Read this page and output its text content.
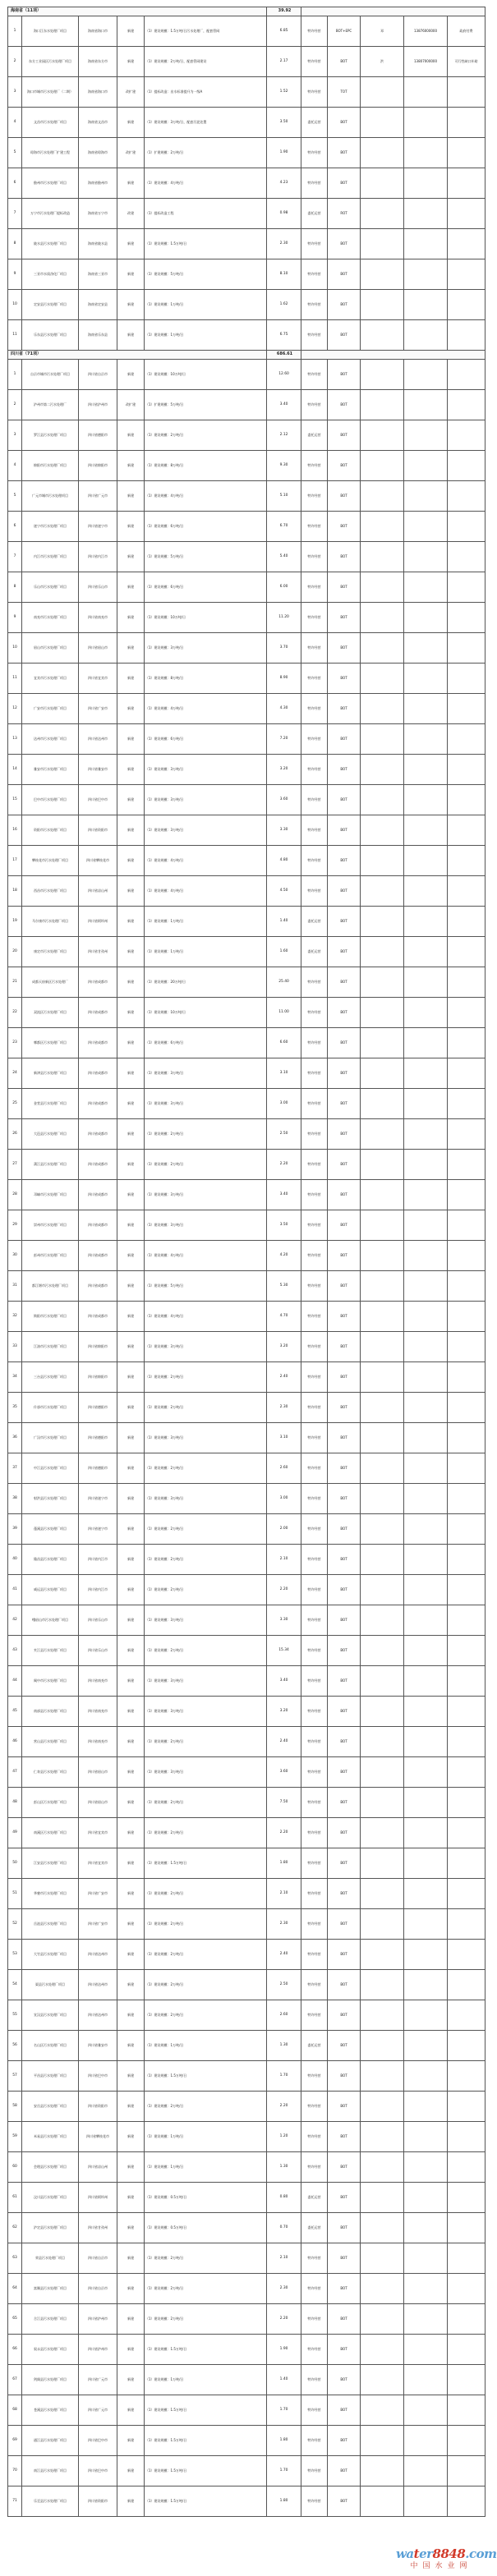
海南省（11项）					39.92					
1	海口江东水处理厂项目	海南省海口市	新建	（1）建设规模：1.5万吨/日污水处理厂，配套管网	6.85	特许经营	BOT+EPC	邓	13876000000	政府付费
2	东方工业园区污水处理厂项目	海南省东方市	新建	（1）建设规模：2万吨/日，配套管网建设	2.17	特许经营	BOT	洪	13807000000	可行性缺口补助
3	海口市城市污水处理厂（二期）	海南省海口市	改扩建	（1）提标改造：出水标准提升为一级A	1.52	特许经营	TOT			
4	文昌市污水处理厂项目	海南省文昌市	新建	（1）建设规模：3万吨/日，配套污泥处置	3.50	委托运营	BOT			
5	琼海市污水处理厂扩建工程	海南省琼海市	改扩建	（1）扩建规模：2万吨/日	1.90	特许经营	BOT			
6	儋州市污水处理厂项目	海南省儋州市	新建	（1）建设规模：4万吨/日	4.23	特许经营	BOT			
7	万宁市污水处理厂提标改造	海南省万宁市	改建	（1）提标改造工程	0.98	委托运营	ROT			
8	陵水县污水处理厂项目	海南省陵水县	新建	（1）建设规模：1.5万吨/日	2.30	特许经营	BOT			
9	三亚市水质净化厂项目	海南省三亚市	新建	（1）建设规模：5万吨/日	8.10	特许经营	BOT			
10	定安县污水处理厂项目	海南省定安县	新建	（1）建设规模：1万吨/日	1.62	特许经营	BOT			
11	乐东县污水处理厂项目	海南省乐东县	新建	（1）建设规模：1万吨/日	6.75	特许经营	BOT			
四川省（71项）					686.61					
1	自贡市城市污水处理厂项目	四川省自贡市	新建	（1）建设规模：10万吨/日	12.60	特许经营	BOT			
2	泸州市第二污水处理厂	四川省泸州市	改扩建	（1）扩建规模：5万吨/日	3.40	特许经营	BOT			
3	罗江县污水处理厂项目	四川省德阳市	新建	（1）建设规模：2万吨/日	2.12	委托运营	BOT			
4	绵阳市污水处理厂项目	四川省绵阳市	新建	（1）建设规模：8万吨/日	9.30	特许经营	BOT			
5	广元市城市污水处理项目	四川省广元市	新建	（1）建设规模：4万吨/日	5.10	特许经营	BOT			
6	遂宁市污水处理厂项目	四川省遂宁市	新建	（1）建设规模：6万吨/日	6.70	特许经营	BOT			
7	内江市污水处理厂项目	四川省内江市	新建	（1）建设规模：5万吨/日	5.40	特许经营	BOT			
8	乐山市污水处理厂项目	四川省乐山市	新建	（1）建设规模：6万吨/日	6.00	特许经营	BOT			
9	南充市污水处理厂项目	四川省南充市	新建	（1）建设规模：10万吨/日	11.20	特许经营	BOT			
10	眉山市污水处理厂项目	四川省眉山市	新建	（1）建设规模：3万吨/日	3.70	特许经营	BOT			
11	宜宾市污水处理厂项目	四川省宜宾市	新建	（1）建设规模：8万吨/日	8.90	特许经营	BOT			
12	广安市污水处理厂项目	四川省广安市	新建	（1）建设规模：4万吨/日	4.30	特许经营	BOT			
13	达州市污水处理厂项目	四川省达州市	新建	（1）建设规模：6万吨/日	7.20	特许经营	BOT			
14	雅安市污水处理厂项目	四川省雅安市	新建	（1）建设规模：3万吨/日	3.20	特许经营	BOT			
15	巴中市污水处理厂项目	四川省巴中市	新建	（1）建设规模：3万吨/日	3.60	特许经营	BOT			
16	资阳市污水处理厂项目	四川省资阳市	新建	（1）建设规模：3万吨/日	3.30	特许经营	BOT			
17	攀枝花市污水处理厂项目	四川省攀枝花市	新建	（1）建设规模：4万吨/日	4.80	特许经营	BOT			
18	西昌市污水处理厂项目	四川省凉山州	新建	（1）建设规模：4万吨/日	4.50	特许经营	BOT			
19	马尔康市污水处理厂项目	四川省阿坝州	新建	（1）建设规模：1万吨/日	1.40	委托运营	BOT			
20	康定市污水处理厂项目	四川省甘孜州	新建	（1）建设规模：1万吨/日	1.60	委托运营	BOT			
21	成都天府新区污水处理厂	四川省成都市	新建	（1）建设规模：20万吨/日	25.40	特许经营	BOT			
22	双流区污水处理厂项目	四川省成都市	新建	（1）建设规模：10万吨/日	11.00	特许经营	BOT			
23	郫都区污水处理厂项目	四川省成都市	新建	（1）建设规模：6万吨/日	6.60	特许经营	BOT			
24	新津县污水处理厂项目	四川省成都市	新建	（1）建设规模：3万吨/日	3.10	特许经营	BOT			
25	金堂县污水处理厂项目	四川省成都市	新建	（1）建设规模：3万吨/日	3.00	特许经营	BOT			
26	大邑县污水处理厂项目	四川省成都市	新建	（1）建设规模：2万吨/日	2.50	特许经营	BOT			
27	蒲江县污水处理厂项目	四川省成都市	新建	（1）建设规模：2万吨/日	2.20	特许经营	BOT			
28	邛崃市污水处理厂项目	四川省成都市	新建	（1）建设规模：3万吨/日	3.40	特许经营	BOT			
29	崇州市污水处理厂项目	四川省成都市	新建	（1）建设规模：3万吨/日	3.50	特许经营	BOT			
30	彭州市污水处理厂项目	四川省成都市	新建	（1）建设规模：4万吨/日	4.20	特许经营	BOT			
31	都江堰市污水处理厂项目	四川省成都市	新建	（1）建设规模：5万吨/日	5.30	特许经营	BOT			
32	简阳市污水处理厂项目	四川省成都市	新建	（1）建设规模：4万吨/日	4.70	特许经营	BOT			
33	江油市污水处理厂项目	四川省绵阳市	新建	（1）建设规模：3万吨/日	3.20	特许经营	BOT			
34	三台县污水处理厂项目	四川省绵阳市	新建	（1）建设规模：2万吨/日	2.40	特许经营	BOT			
35	什邡市污水处理厂项目	四川省德阳市	新建	（1）建设规模：2万吨/日	2.30	特许经营	BOT			
36	广汉市污水处理厂项目	四川省德阳市	新建	（1）建设规模：3万吨/日	3.10	特许经营	BOT			
37	中江县污水处理厂项目	四川省德阳市	新建	（1）建设规模：2万吨/日	2.60	特许经营	BOT			
38	射洪县污水处理厂项目	四川省遂宁市	新建	（1）建设规模：3万吨/日	3.00	特许经营	BOT			
39	蓬溪县污水处理厂项目	四川省遂宁市	新建	（1）建设规模：2万吨/日	2.00	特许经营	BOT			
40	隆昌县污水处理厂项目	四川省内江市	新建	（1）建设规模：2万吨/日	2.10	特许经营	BOT			
41	威远县污水处理厂项目	四川省内江市	新建	（1）建设规模：2万吨/日	2.20	特许经营	BOT			
42	峨眉山市污水处理厂项目	四川省乐山市	新建	（1）建设规模：3万吨/日	3.30	特许经营	BOT			
43	夹江县污水处理厂项目	四川省乐山市	新建	（1）建设规模：2万吨/日	15.34	特许经营	BOT			
44	阆中市污水处理厂项目	四川省南充市	新建	（1）建设规模：3万吨/日	3.40	特许经营	BOT			
45	南部县污水处理厂项目	四川省南充市	新建	（1）建设规模：3万吨/日	3.20	特许经营	BOT			
46	营山县污水处理厂项目	四川省南充市	新建	（1）建设规模：2万吨/日	2.40	特许经营	BOT			
47	仁寿县污水处理厂项目	四川省眉山市	新建	（1）建设规模：3万吨/日	3.60	特许经营	BOT			
48	彭山区污水处理厂项目	四川省眉山市	新建	（1）建设规模：2万吨/日	7.50	特许经营	BOT			
49	南溪区污水处理厂项目	四川省宜宾市	新建	（1）建设规模：2万吨/日	2.20	特许经营	BOT			
50	江安县污水处理厂项目	四川省宜宾市	新建	（1）建设规模：1.5万吨/日	1.80	特许经营	BOT			
51	华蓥市污水处理厂项目	四川省广安市	新建	（1）建设规模：2万吨/日	2.10	特许经营	BOT			
52	岳池县污水处理厂项目	四川省广安市	新建	（1）建设规模：2万吨/日	2.30	特许经营	BOT			
53	大竹县污水处理厂项目	四川省达州市	新建	（1）建设规模：2万吨/日	2.40	特许经营	BOT			
54	渠县污水处理厂项目	四川省达州市	新建	（1）建设规模：2万吨/日	2.50	特许经营	BOT			
55	宣汉县污水处理厂项目	四川省达州市	新建	（1）建设规模：2万吨/日	2.60	特许经营	BOT			
56	名山区污水处理厂项目	四川省雅安市	新建	（1）建设规模：1万吨/日	1.30	委托运营	BOT			
57	平昌县污水处理厂项目	四川省巴中市	新建	（1）建设规模：1.5万吨/日	1.70	特许经营	BOT			
58	安岳县污水处理厂项目	四川省资阳市	新建	（1）建设规模：2万吨/日	2.20	特许经营	BOT			
59	米易县污水处理厂项目	四川省攀枝花市	新建	（1）建设规模：1万吨/日	1.20	特许经营	BOT			
60	会理县污水处理厂项目	四川省凉山州	新建	（1）建设规模：1万吨/日	1.30	特许经营	BOT			
61	汶川县污水处理厂项目	四川省阿坝州	新建	（1）建设规模：0.5万吨/日	0.80	委托运营	BOT			
62	泸定县污水处理厂项目	四川省甘孜州	新建	（1）建设规模：0.5万吨/日	0.70	委托运营	BOT			
63	荣县污水处理厂项目	四川省自贡市	新建	（1）建设规模：2万吨/日	2.10	特许经营	BOT			
64	富顺县污水处理厂项目	四川省自贡市	新建	（1）建设规模：2万吨/日	2.30	特许经营	BOT			
65	合江县污水处理厂项目	四川省泸州市	新建	（1）建设规模：2万吨/日	2.20	特许经营	BOT			
66	叙永县污水处理厂项目	四川省泸州市	新建	（1）建设规模：1.5万吨/日	1.90	特许经营	BOT			
67	剑阁县污水处理厂项目	四川省广元市	新建	（1）建设规模：1万吨/日	1.40	特许经营	BOT			
68	苍溪县污水处理厂项目	四川省广元市	新建	（1）建设规模：1.5万吨/日	1.70	特许经营	BOT			
69	通江县污水处理厂项目	四川省巴中市	新建	（1）建设规模：1.5万吨/日	1.80	特许经营	BOT			
70	南江县污水处理厂项目	四川省巴中市	新建	（1）建设规模：1.5万吨/日	1.70	特许经营	BOT			
71	乐至县污水处理厂项目	四川省资阳市	新建	（1）建设规模：1.5万吨/日	1.80	特许经营	BOT			
water8848.com
中国水业网
